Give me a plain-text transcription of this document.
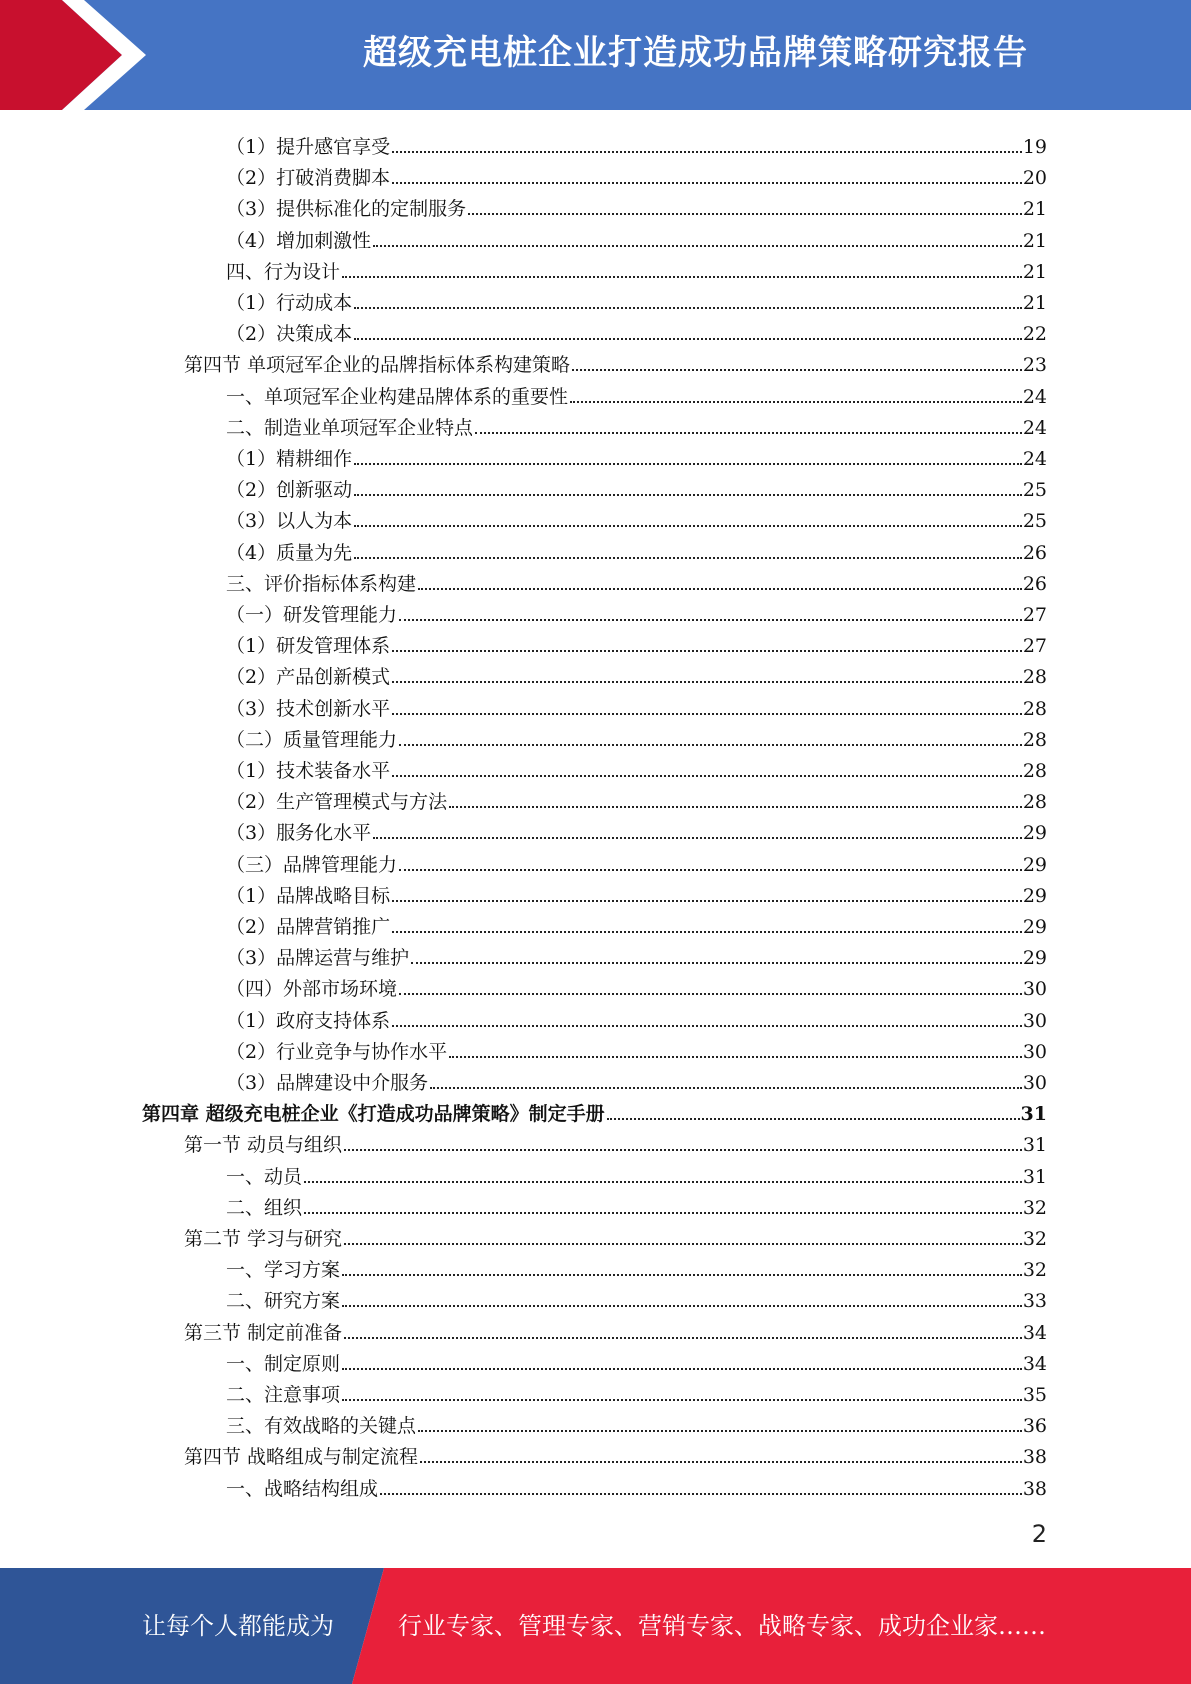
超级充电桩企业打造成功品牌策略研究报告
（1）提升感官享受	19
（2）打破消费脚本	20
（3）提供标准化的定制服务	21
（4）增加刺激性	21
四、行为设计	21
（1）行动成本	21
（2）决策成本	22
第四节 单项冠军企业的品牌指标体系构建策略	23
一、单项冠军企业构建品牌体系的重要性	24
二、制造业单项冠军企业特点	24
（1）精耕细作	24
（2）创新驱动	25
（3）以人为本	25
（4）质量为先	26
三、评价指标体系构建	26
（一）研发管理能力	27
（1）研发管理体系	27
（2）产品创新模式	28
（3）技术创新水平	28
（二）质量管理能力	28
（1）技术装备水平	28
（2）生产管理模式与方法	28
（3）服务化水平	29
（三）品牌管理能力	29
（1）品牌战略目标	29
（2）品牌营销推广	29
（3）品牌运营与维护	29
（四）外部市场环境	30
（1）政府支持体系	30
（2）行业竞争与协作水平	30
（3）品牌建设中介服务	30
第四章 超级充电桩企业《打造成功品牌策略》制定手册	31
第一节 动员与组织	31
一、动员	31
二、组织	32
第二节 学习与研究	32
一、学习方案	32
二、研究方案	33
第三节 制定前准备	34
一、制定原则	34
二、注意事项	35
三、有效战略的关键点	36
第四节 战略组成与制定流程	38
一、战略结构组成	38
2
让每个人都能成为	行业专家、管理专家、营销专家、战略专家、成功企业家……
